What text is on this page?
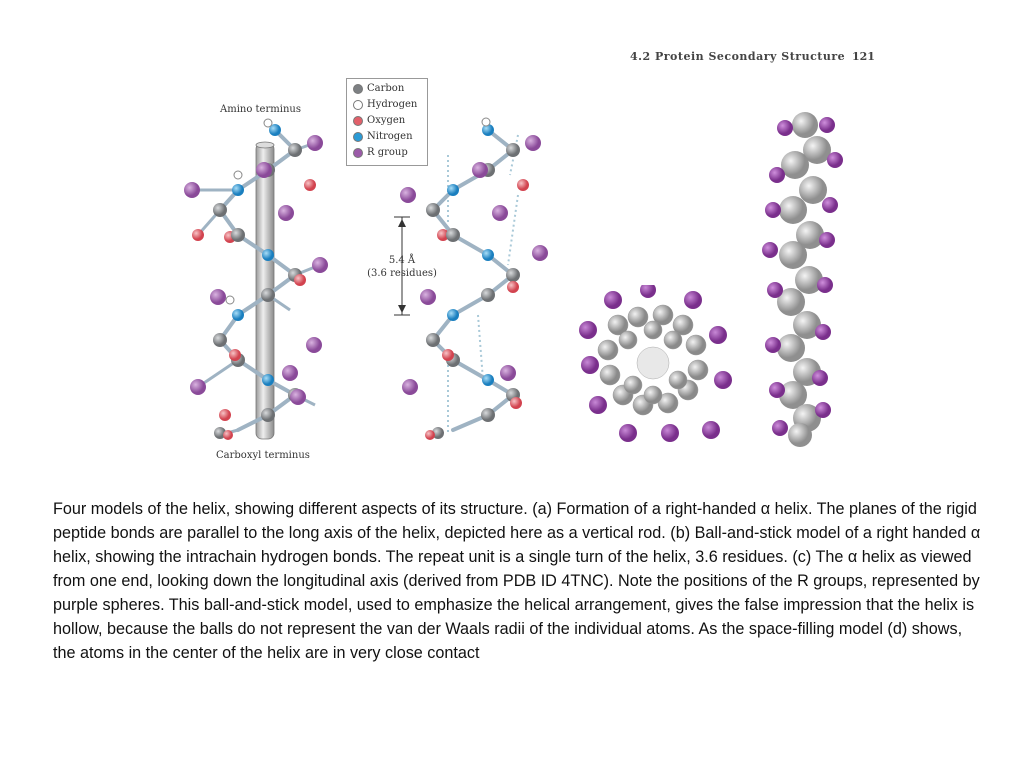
4.2 Protein Secondary Structure 121
Amino terminus
Carboxyl terminus
Carbon
Hydrogen
Oxygen
Nitrogen
R group
5.4 Å
(3.6 residues)
Four models of the helix, showing different aspects of its structure. (a) Formation of a right-handed α helix. The planes of the rigid peptide bonds are parallel to the long axis of the helix, depicted here as a vertical rod. (b) Ball-and-stick model of a right handed α helix, showing the intrachain hydrogen bonds. The repeat unit is a single turn of the helix, 3.6 residues. (c) The α helix as viewed from one end, looking down the longitudinal axis (derived from PDB ID 4TNC). Note the positions of the R groups, represented by purple spheres. This ball-and-stick model, used to emphasize the helical arrangement, gives the false impression that the helix is hollow, because the balls do not represent the van der Waals radii of the individual atoms. As the space-filling model (d) shows, the atoms in the center of the helix are in very close contact
